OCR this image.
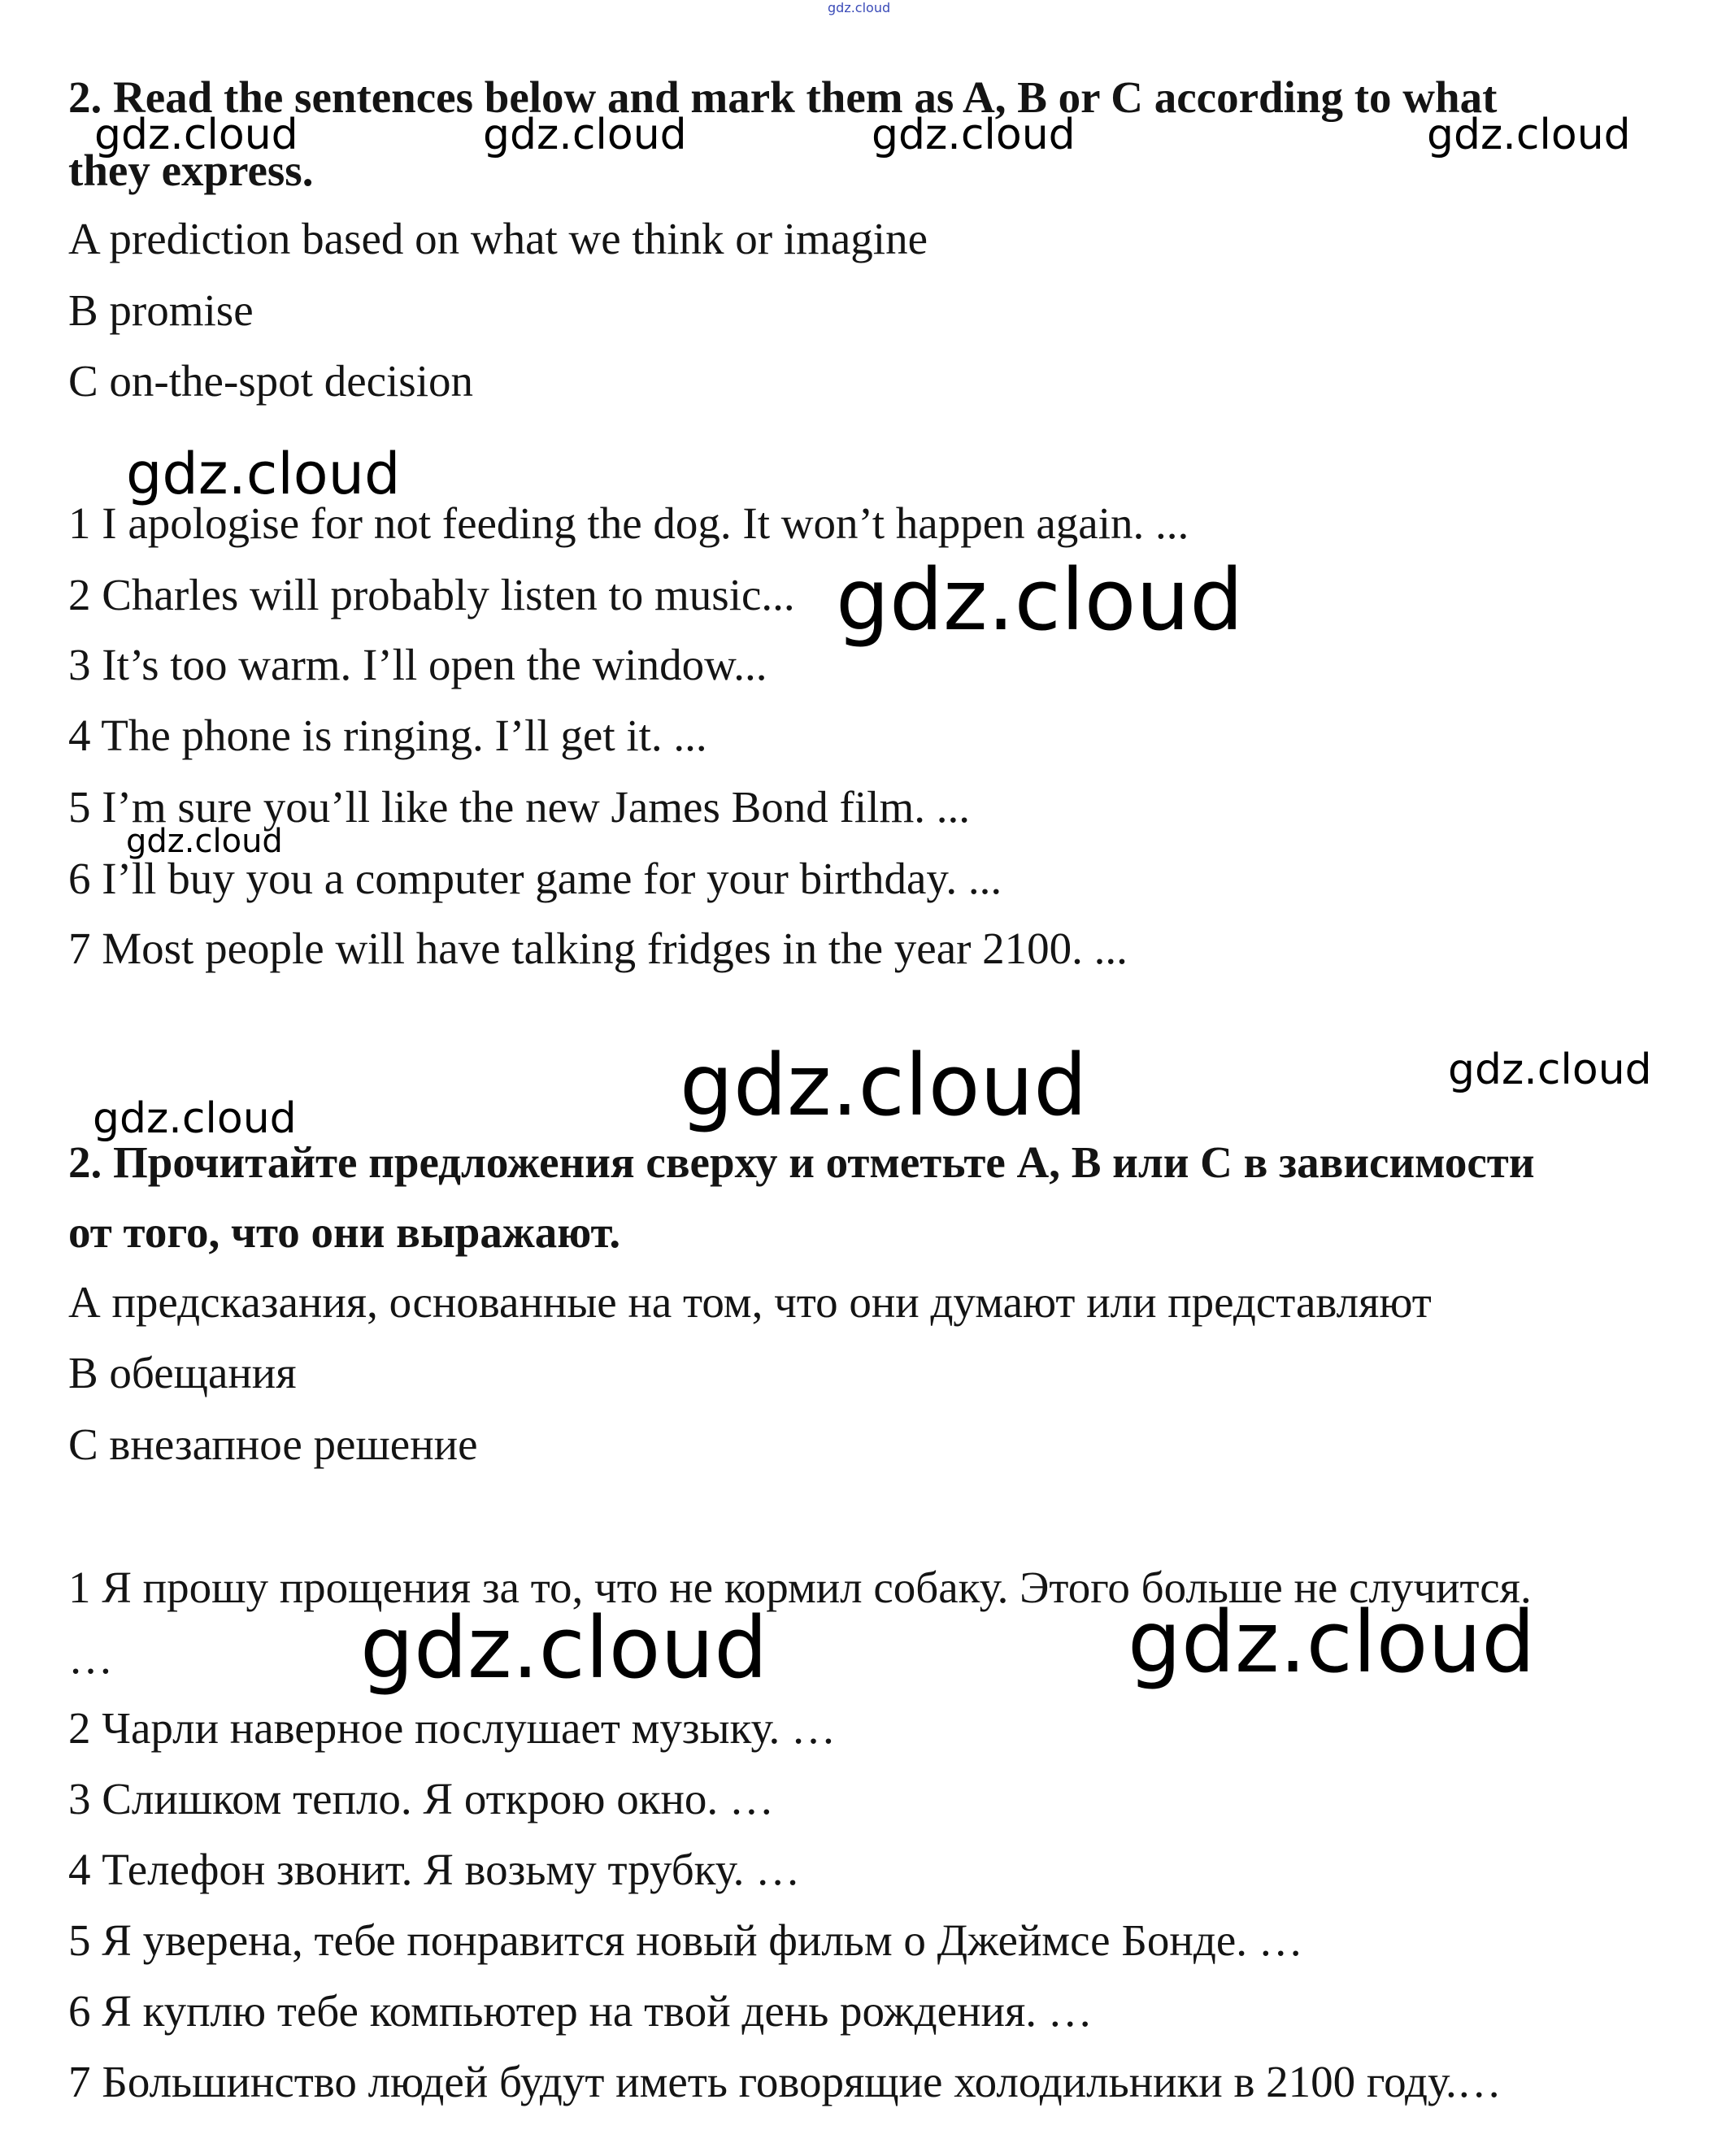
2. Read the sentences below and mark them as A, B or C according to what
they express.
A prediction based on what we think or imagine
B promise
C on-the-spot decision
1 I apologise for not feeding the dog. It won’t happen again. ...
2 Charles will probably listen to music...
3 It’s too warm. I’ll open the window...
4 The phone is ringing. I’ll get it. ...
5 I’m sure you’ll like the new James Bond film. ...
6 I’ll buy you a computer game for your birthday. ...
7 Most people will have talking fridges in the year 2100. ...
2. Прочитайте предложения сверху и отметьте А, В или С в зависимости
от того, что они выражают.
А предсказания, основанные на том, что они думают или представляют
В обещания
С внезапное решение
1 Я прошу прощения за то, что не кормил собаку. Этого больше не случится.
…
2 Чарли наверное послушает музыку. …
3 Слишком тепло. Я открою окно. …
4 Телефон звонит. Я возьму трубку. …
5 Я уверена, тебе понравится новый фильм о Джеймсе Бонде. …
6 Я куплю тебе компьютер на твой день рождения. …
7 Большинство людей будут иметь говорящие холодильники в 2100 году.…
gdz.cloud
gdz.cloud	gdz.cloud	gdz.cloud	gdz.cloud
gdz.cloud
gdz.cloud
gdz.cloud
gdz.cloud	gdz.cloud
gdz.cloud
gdz.cloud	gdz.cloud
